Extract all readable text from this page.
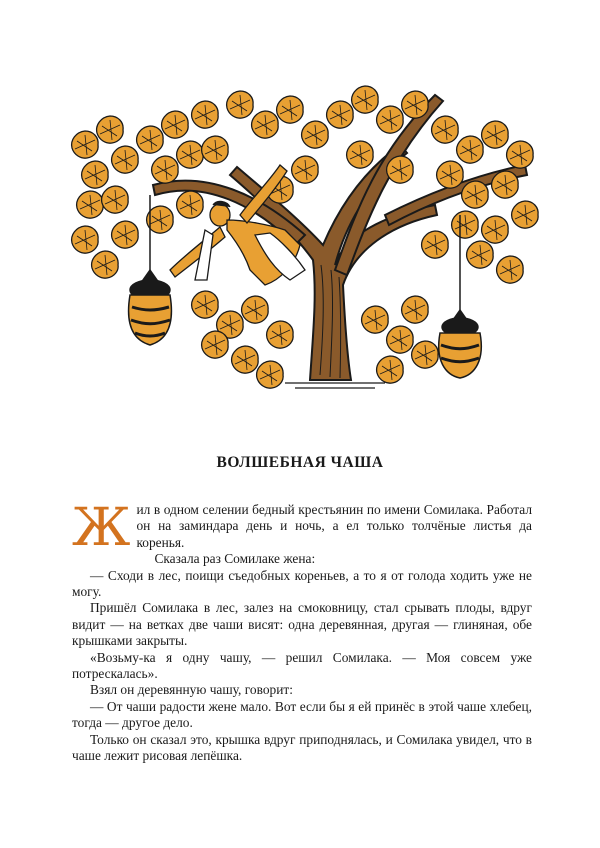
ВОЛШЕБНАЯ ЧАША

Жил в одном селении бедный крестьянин по имени Сомилака. Работал он на заминдара день и ночь, а ел только толчёные листья да коренья.

Сказала раз Сомилаке жена:

— Сходи в лес, поищи съедобных кореньев, а то я от голода ходить уже не могу.

Пришёл Сомилака в лес, залез на смоковницу, стал срывать плоды, вдруг видит — на ветках две чаши висят: одна деревянная, другая — глиняная, обе крышками закрыты.

«Возьму-ка я одну чашу, — решил Сомилака. — Моя совсем уже потрескалась».

Взял он деревянную чашу, говорит:

— От чаши радости жене мало. Вот если бы я ей принёс в этой чаше хлебец, тогда — другое дело.

Только он сказал это, крышка вдруг приподнялась, и Сомилака увидел, что в чаше лежит рисовая лепёшка.
